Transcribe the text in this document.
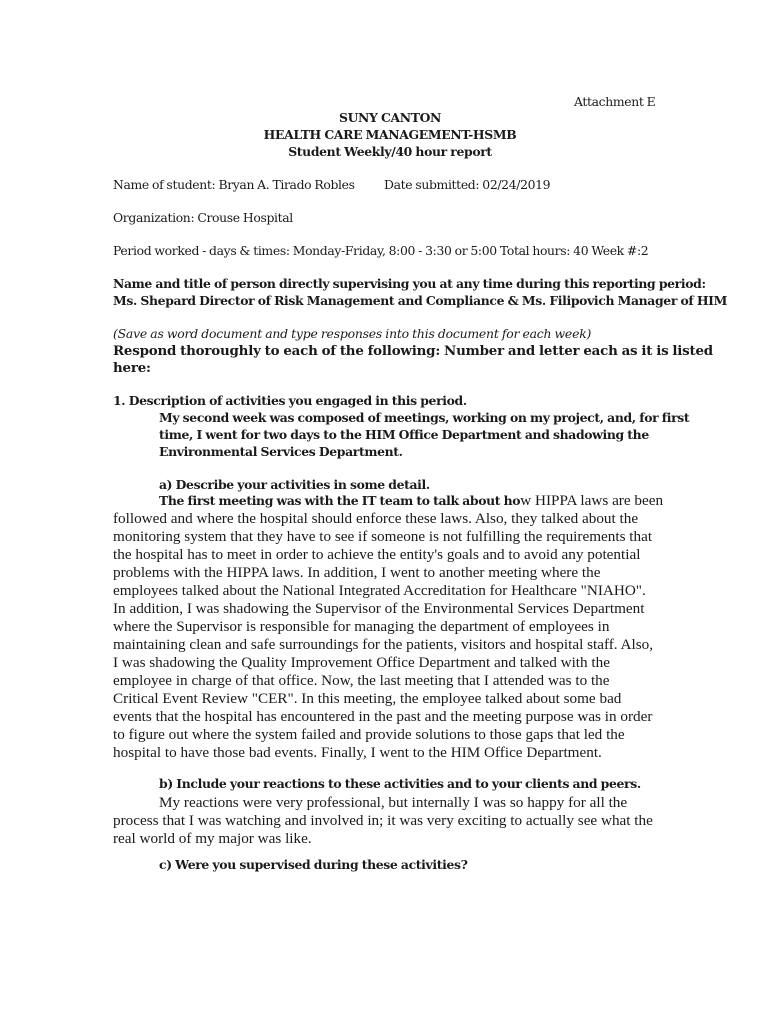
Attachment E
SUNY CANTON
HEALTH CARE MANAGEMENT-HSMB
Student Weekly/40 hour report
Name of student: Bryan A. Tirado Robles Date submitted: 02/24/2019
Organization: Crouse Hospital
Period worked - days & times: Monday-Friday, 8:00 - 3:30 or 5:00 Total hours: 40 Week #:2
Name and title of person directly supervising you at any time during this reporting period:
Ms. Shepard Director of Risk Management and Compliance & Ms. Filipovich Manager of HIM
(Save as word document and type responses into this document for each week)
Respond thoroughly to each of the following: Number and letter each as it is listed
here:
1. Description of activities you engaged in this period.
My second week was composed of meetings, working on my project, and, for first
time, I went for two days to the HIM Office Department and shadowing the
Environmental Services Department.
a) Describe your activities in some detail.
The first meeting was with the IT team to talk about how HIPPA laws are been
followed and where the hospital should enforce these laws. Also, they talked about the
monitoring system that they have to see if someone is not fulfilling the requirements that
the hospital has to meet in order to achieve the entity's goals and to avoid any potential
problems with the HIPPA laws. In addition, I went to another meeting where the
employees talked about the National Integrated Accreditation for Healthcare "NIAHO".
In addition, I was shadowing the Supervisor of the Environmental Services Department
where the Supervisor is responsible for managing the department of employees in
maintaining clean and safe surroundings for the patients, visitors and hospital staff. Also,
I was shadowing the Quality Improvement Office Department and talked with the
employee in charge of that office. Now, the last meeting that I attended was to the
Critical Event Review "CER". In this meeting, the employee talked about some bad
events that the hospital has encountered in the past and the meeting purpose was in order
to figure out where the system failed and provide solutions to those gaps that led the
hospital to have those bad events. Finally, I went to the HIM Office Department.
b) Include your reactions to these activities and to your clients and peers.
My reactions were very professional, but internally I was so happy for all the
process that I was watching and involved in; it was very exciting to actually see what the
real world of my major was like.
c) Were you supervised during these activities?
